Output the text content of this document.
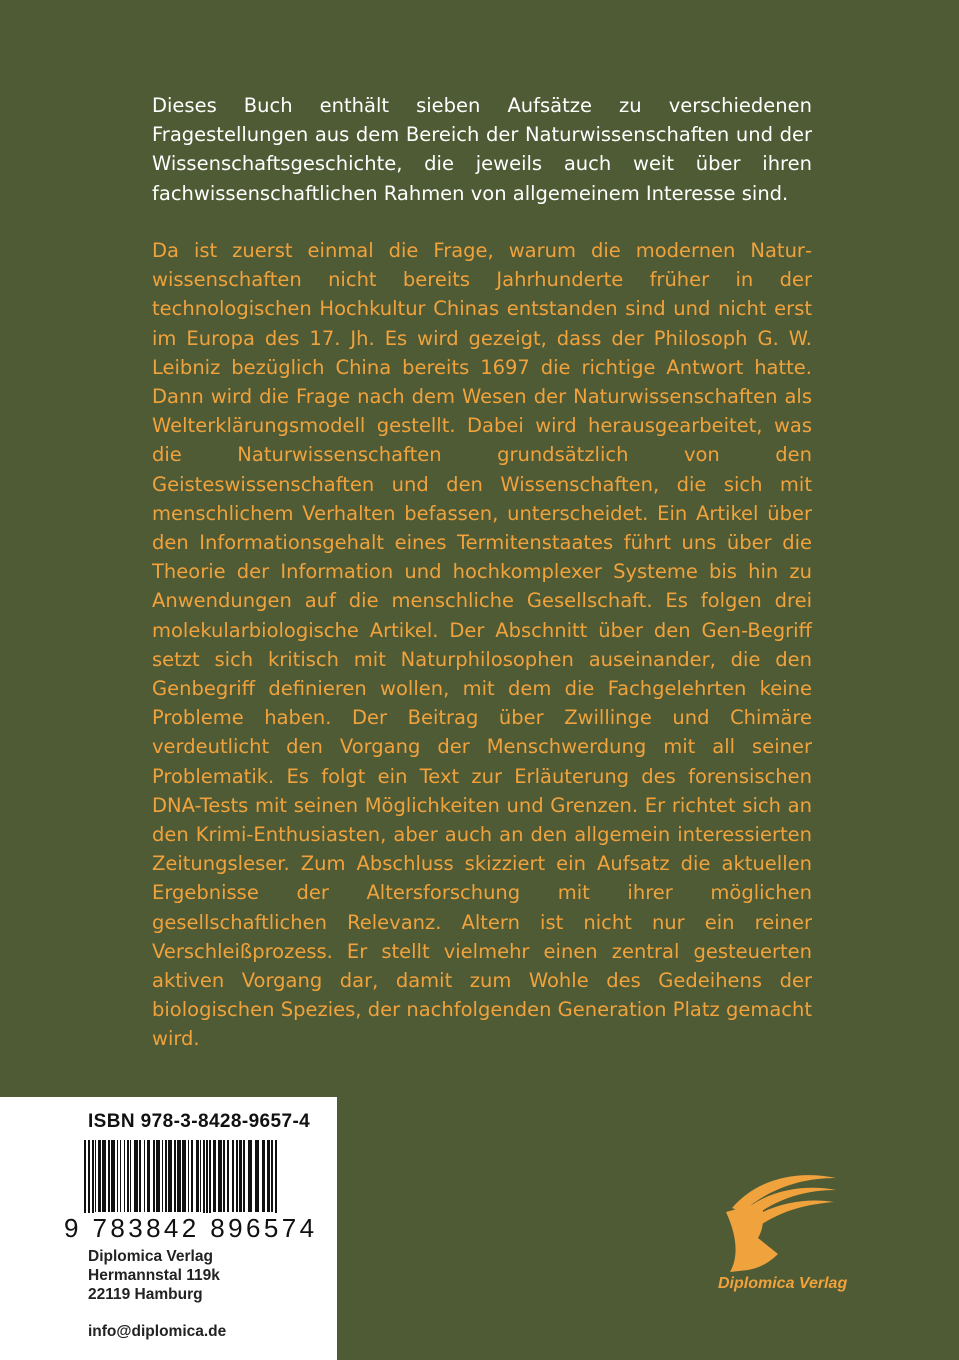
Dieses Buch enthält sieben Aufsätze zu verschiedenen Fragestellungen aus dem Bereich der Naturwissenschaften und der Wissenschaftsgeschichte, die jeweils auch weit über ihren fachwissenschaftlichen Rahmen von allgemeinem Interesse sind.

Da ist zuerst einmal die Frage, warum die modernen Naturwissenschaften nicht bereits Jahrhunderte früher in der technologischen Hochkultur Chinas entstanden sind und nicht erst im Europa des 17. Jh. Es wird gezeigt, dass der Philosoph G. W. Leibniz bezüglich China bereits 1697 die richtige Antwort hatte. Dann wird die Frage nach dem Wesen der Naturwissenschaften als Welterklärungsmodell gestellt. Dabei wird herausgearbeitet, was die Naturwissenschaften grundsätzlich von den Geisteswissenschaften und den Wissenschaften, die sich mit menschlichem Verhalten befassen, unterscheidet. Ein Artikel über den Informationsgehalt eines Termitenstaates führt uns über die Theorie der Information und hochkomplexer Systeme bis hin zu Anwendungen auf die menschliche Gesellschaft. Es folgen drei molekularbiologische Artikel. Der Abschnitt über den Gen-Begriff setzt sich kritisch mit Naturphilosophen auseinander, die den Genbegriff definieren wollen, mit dem die Fachgelehrten keine Probleme haben. Der Beitrag über Zwillinge und Chimäre verdeutlicht den Vorgang der Menschwerdung mit all seiner Problematik. Es folgt ein Text zur Erläuterung des forensischen DNA-Tests mit seinen Möglichkeiten und Grenzen. Er richtet sich an den Krimi-Enthusiasten, aber auch an den allgemein interessierten Zeitungsleser. Zum Abschluss skizziert ein Aufsatz die aktuellen Ergebnisse der Altersforschung mit ihrer möglichen gesellschaftlichen Relevanz. Altern ist nicht nur ein reiner Verschleißprozess. Er stellt vielmehr einen zentral gesteuerten aktiven Vorgang dar, damit zum Wohle des Gedeihens der biologischen Spezies, der nachfolgenden Generation Platz gemacht wird.

ISBN 978-3-8428-9657-4
9 783842 896574
Diplomica Verlag
Hermannstal 119k
22119 Hamburg
info@diplomica.de
Diplomica Verlag
